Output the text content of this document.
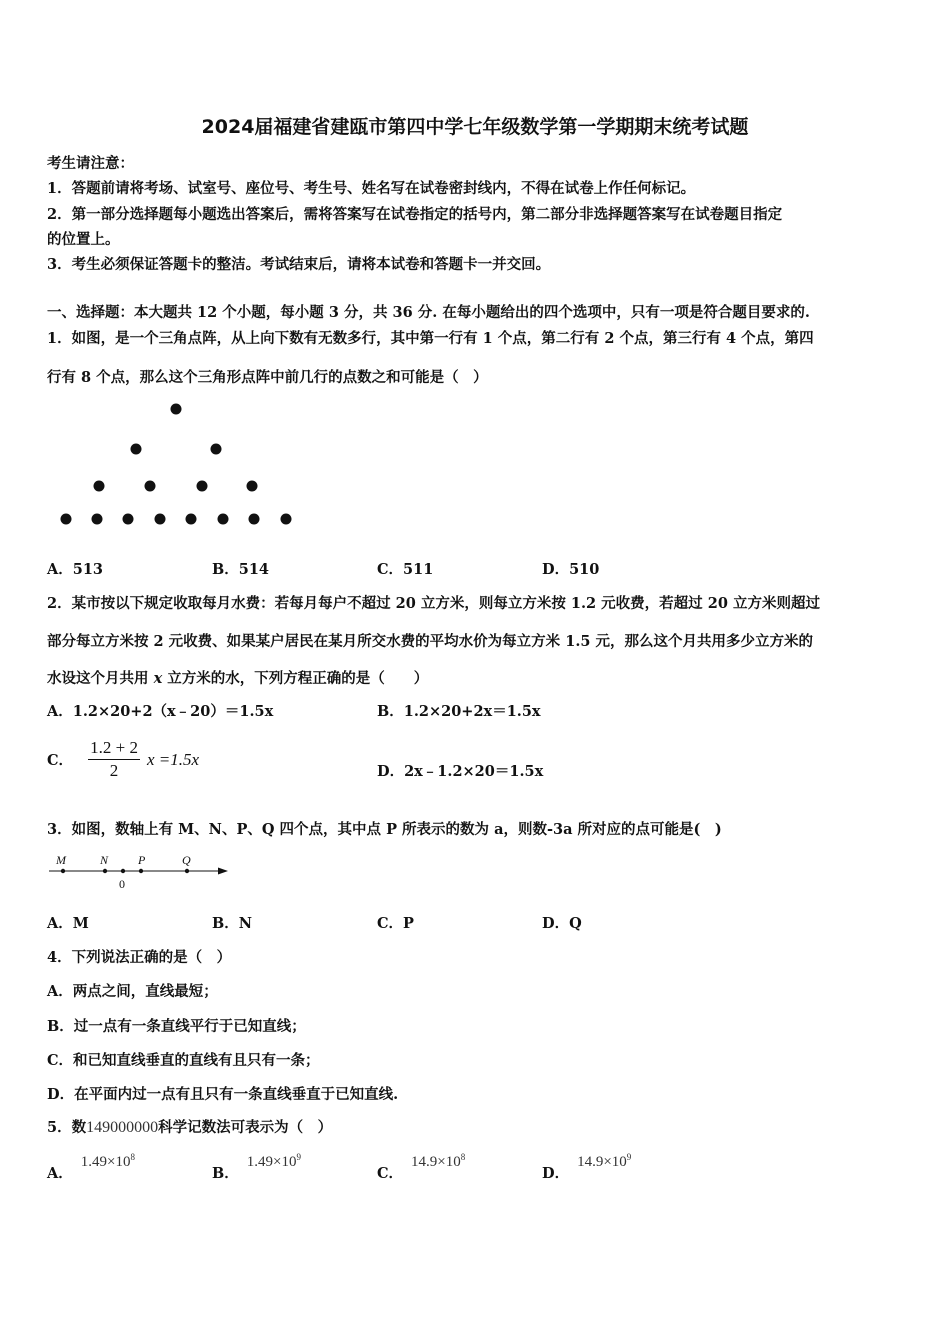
2024届福建省建瓯市第四中学七年级数学第一学期期末统考试题
考生请注意：
1．答题前请将考场、试室号、座位号、考生号、姓名写在试卷密封线内，不得在试卷上作任何标记。
2．第一部分选择题每小题选出答案后，需将答案写在试卷指定的括号内，第二部分非选择题答案写在试卷题目指定
的位置上。
3．考生必须保证答题卡的整洁。考试结束后，请将本试卷和答题卡一并交回。
一、选择题：本大题共 12 个小题，每小题 3 分，共 36 分. 在每小题给出的四个选项中，只有一项是符合题目要求的.
1．如图，是一个三角点阵，从上向下数有无数多行，其中第一行有 1 个点，第二行有 2 个点，第三行有 4 个点，第四
行有 8 个点，那么这个三角形点阵中前几行的点数之和可能是（　）
A．513	B．514	C．511	D．510
2．某市按以下规定收取每月水费：若每月每户不超过 20 立方米，则每立方米按 1.2 元收费，若超过 20 立方米则超过
部分每立方米按 2 元收费、如果某户居民在某月所交水费的平均水价为每立方米 1.5 元，那么这个月共用多少立方米的
水设这个月共用 x 立方米的水，下列方程正确的是（　　）
A．1.2×20+2（x﹣20）＝1.5x	B．1.2×20+2x＝1.5x
C． $\frac{1.2 + 2}{2}$ x =1.5x
D．2x﹣1.2×20＝1.5x
3．如图，数轴上有 M、N、P、Q 四个点，其中点 P 所表示的数为 a，则数-3a 所对应的点可能是(　)
M	N P	Q
0
A．M	B．N	C．P	D．Q
4．下列说法正确的是（　）
A．两点之间，直线最短；
B．过一点有一条直线平行于已知直线；
C．和已知直线垂直的直线有且只有一条；
D．在平面内过一点有且只有一条直线垂直于已知直线.
5．数149000000科学记数法可表示为（　）
A．$1.49\times 10^8$
B．$1.49\times 10^9$
C．$14.9\times 10^8$
D．$14.9\times 10^9$
